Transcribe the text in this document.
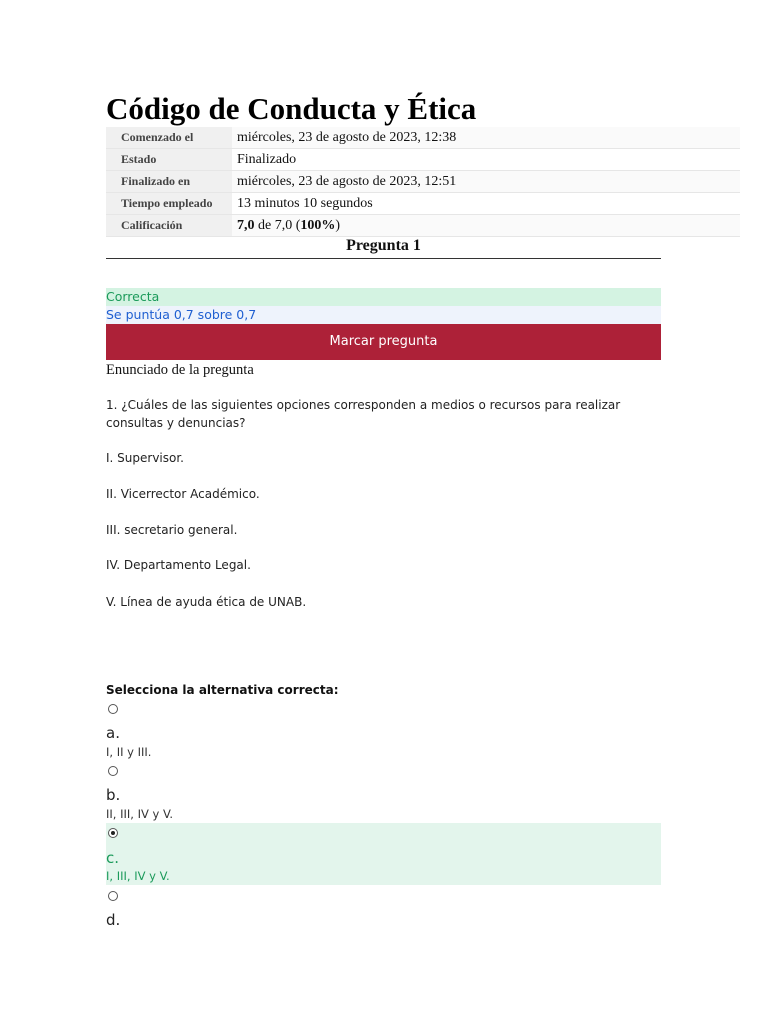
Código de Conducta y Ética
Comenzado el	miércoles, 23 de agosto de 2023, 12:38
Estado	Finalizado
Finalizado en	miércoles, 23 de agosto de 2023, 12:51
Tiempo empleado	13 minutos 10 segundos
Calificación	7,0 de 7,0 (100%)
Pregunta 1
Correcta
Se puntúa 0,7 sobre 0,7
Marcar pregunta
Enunciado de la pregunta

1. ¿Cuáles de las siguientes opciones corresponden a medios o recursos para realizar consultas y denuncias?

I. Supervisor.

II. Vicerrector Académico.

III. secretario general.

IV. Departamento Legal.

V. Línea de ayuda ética de UNAB.

Selecciona la alternativa correcta:
a.
I, II y III.
b.
II, III, IV y V.
c.
I, III, IV y V.
d.
